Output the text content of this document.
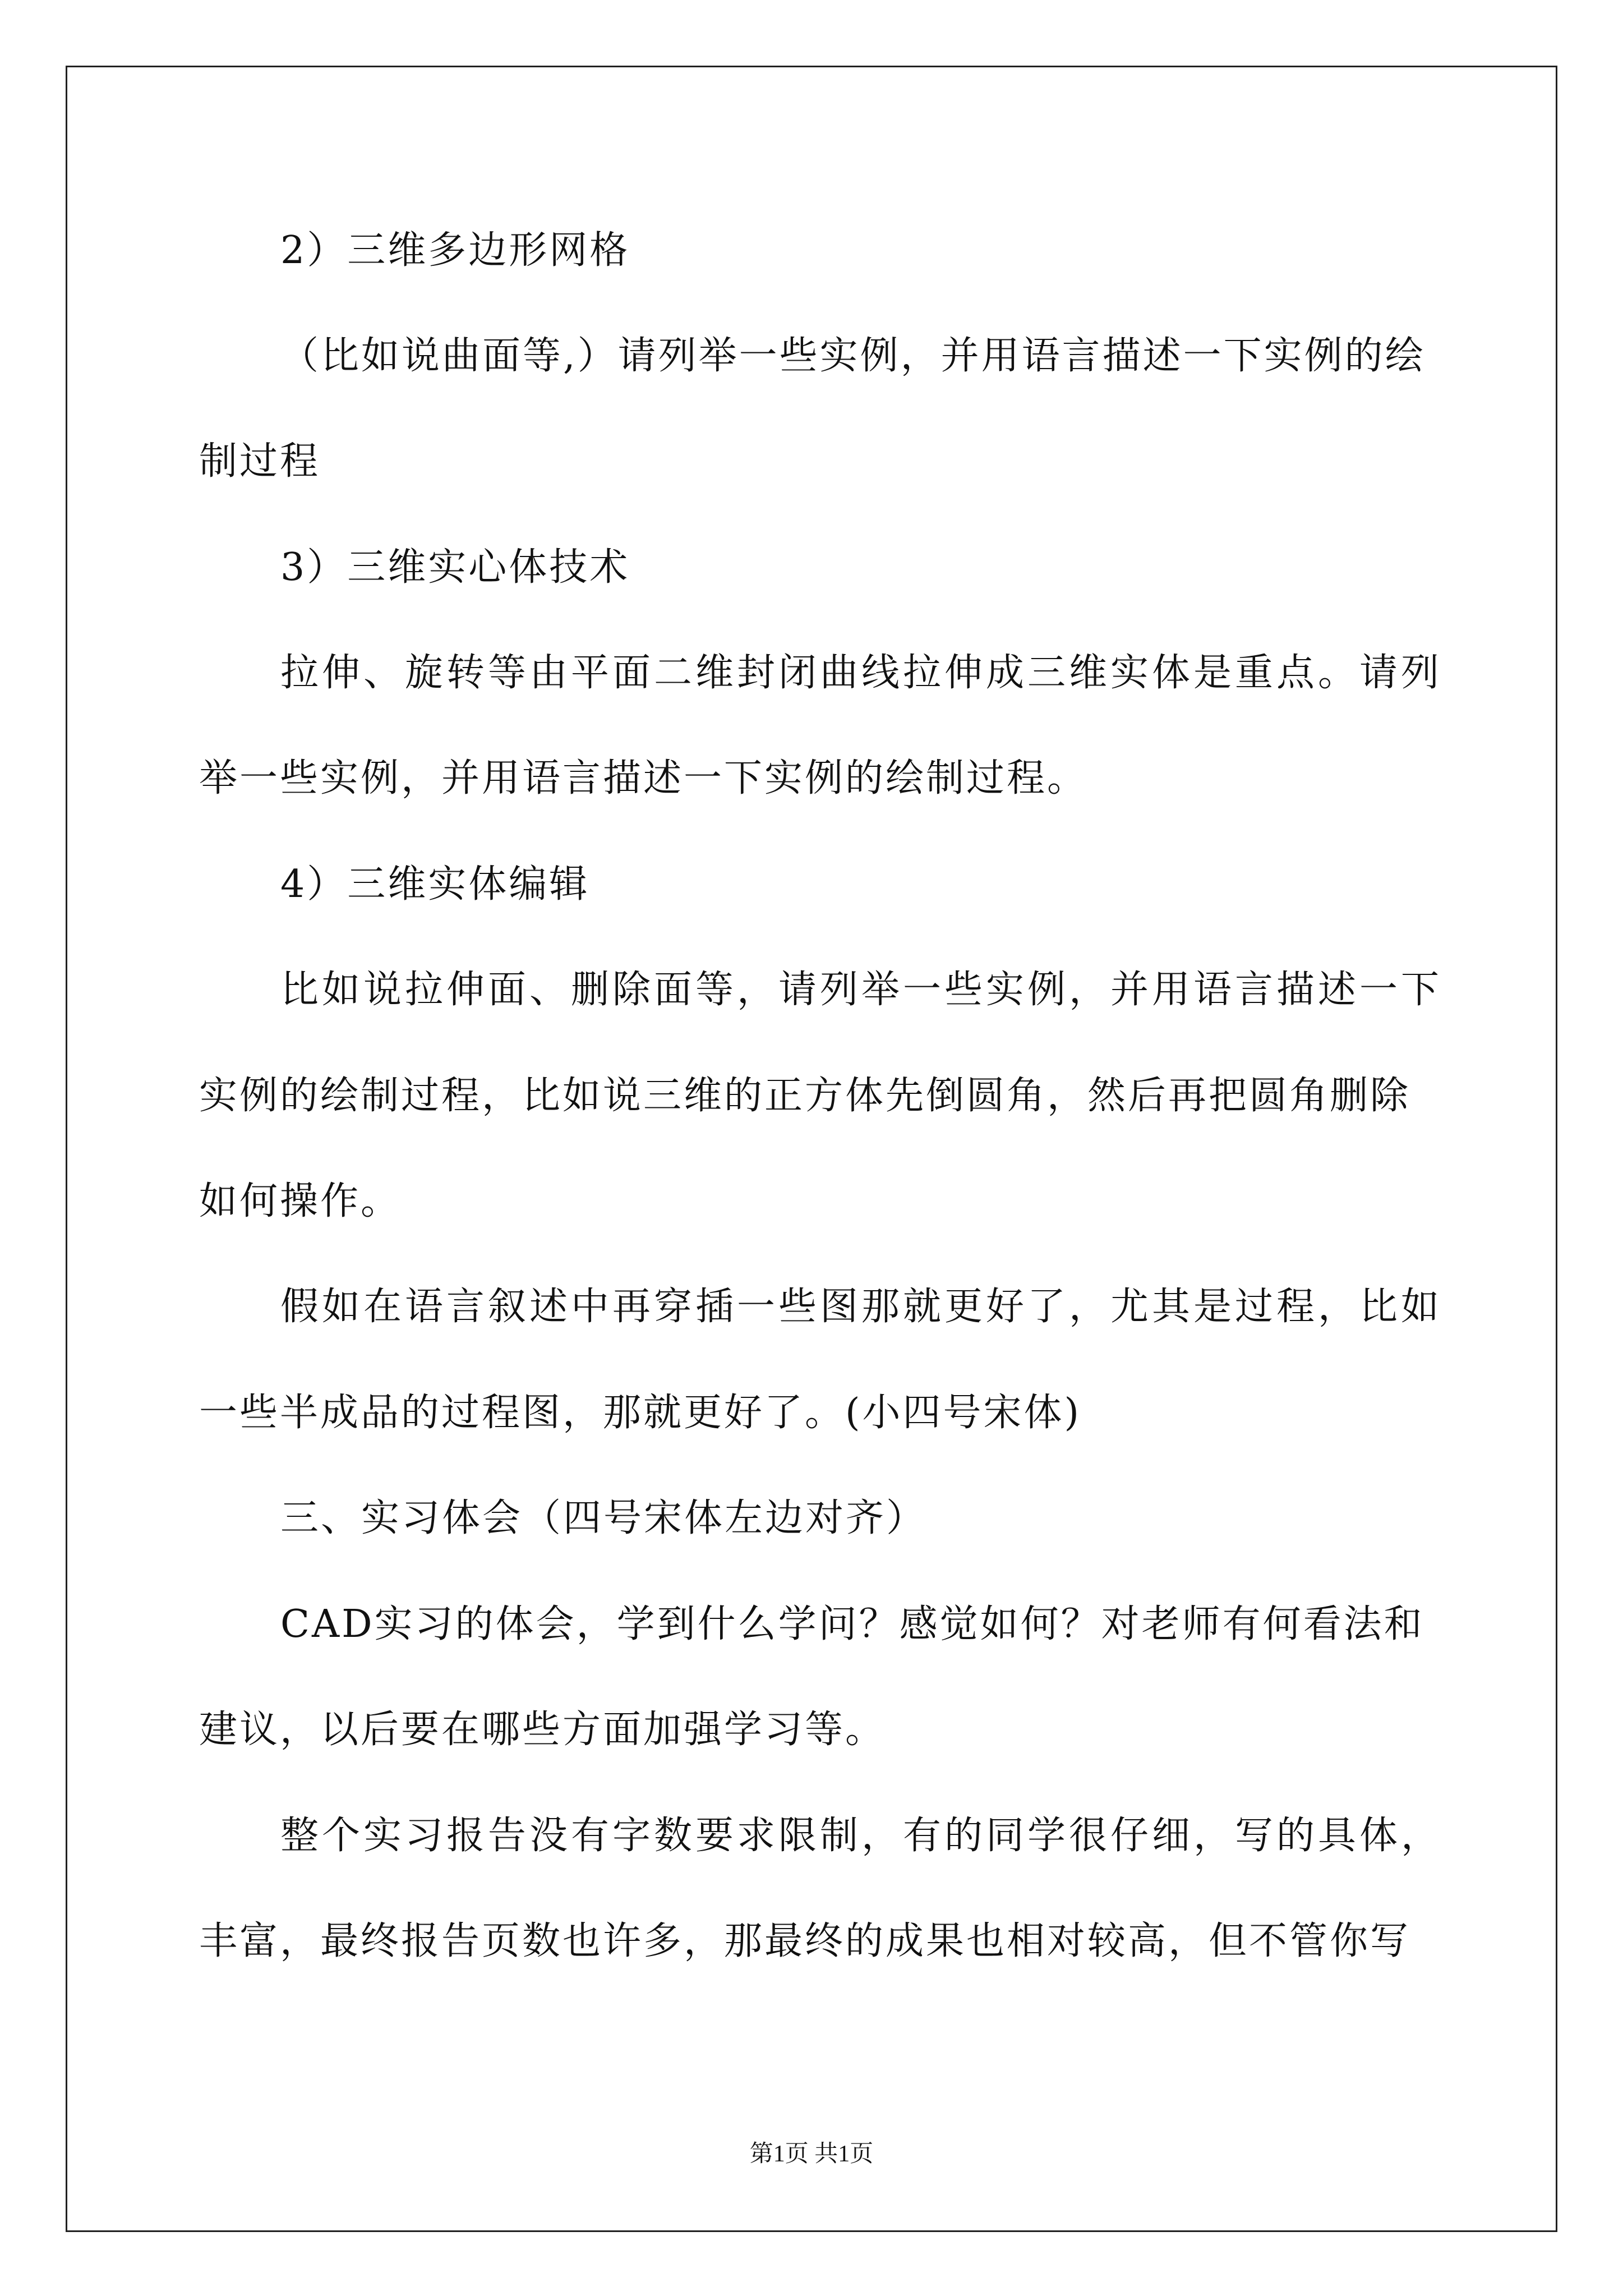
2）三维多边形网格
（比如说曲面等,）请列举一些实例，并用语言描述一下实例的绘
制过程
3）三维实心体技术
拉伸、旋转等由平面二维封闭曲线拉伸成三维实体是重点。请列
举一些实例，并用语言描述一下实例的绘制过程。
4）三维实体编辑
比如说拉伸面、删除面等，请列举一些实例，并用语言描述一下
实例的绘制过程，比如说三维的正方体先倒圆角，然后再把圆角删除
如何操作。
假如在语言叙述中再穿插一些图那就更好了，尤其是过程，比如
一些半成品的过程图，那就更好了。(小四号宋体)
三、实习体会（四号宋体左边对齐）
CAD实习的体会，学到什么学问？感觉如何？对老师有何看法和
建议，以后要在哪些方面加强学习等。
整个实习报告没有字数要求限制，有的同学很仔细，写的具体，
丰富，最终报告页数也许多，那最终的成果也相对较高，但不管你写
第1页 共1页
